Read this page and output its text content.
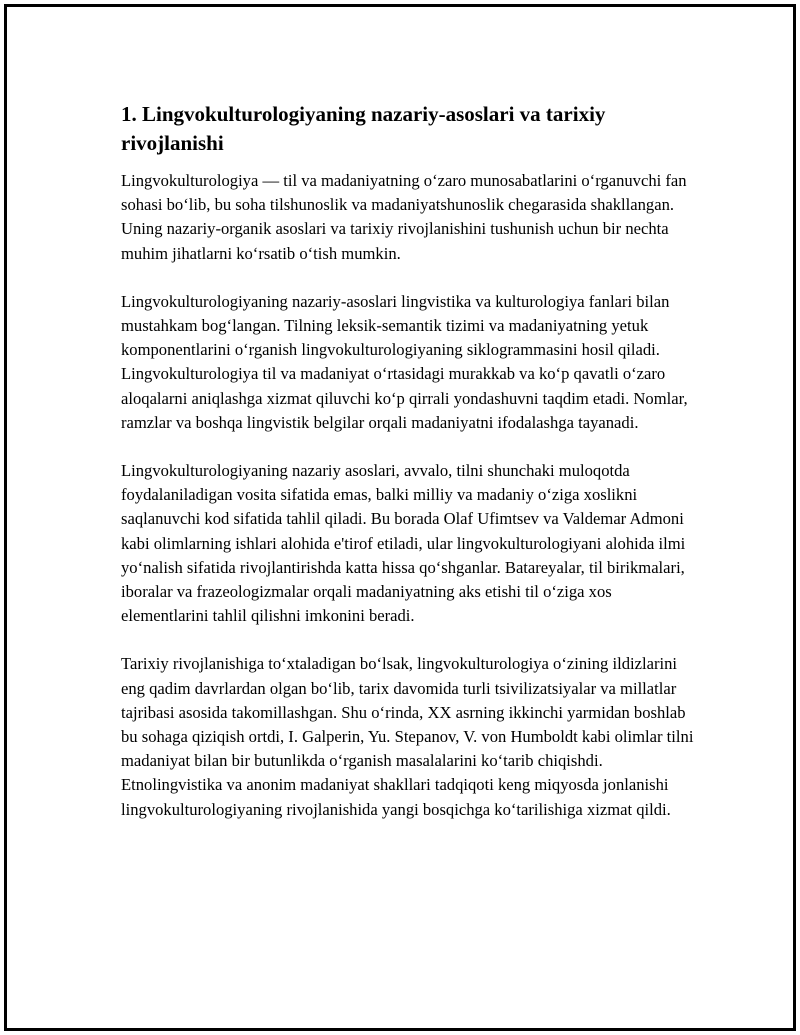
1. Lingvokulturologiyaning nazariy-asoslari va tarixiy rivojlanishi

Lingvokulturologiya — til va madaniyatning o‘zaro munosabatlarini o‘rganuvchi fan sohasi bo‘lib, bu soha tilshunoslik va madaniyatshunoslik chegarasida shakllangan. Uning nazariy-organik asoslari va tarixiy rivojlanishini tushunish uchun bir nechta muhim jihatlarni ko‘rsatib o‘tish mumkin.

Lingvokulturologiyaning nazariy-asoslari lingvistika va kulturologiya fanlari bilan mustahkam bog‘langan. Tilning leksik-semantik tizimi va madaniyatning yetuk komponentlarini o‘rganish lingvokulturologiyaning siklogrammasini hosil qiladi. Lingvokulturologiya til va madaniyat o‘rtasidagi murakkab va ko‘p qavatli o‘zaro aloqalarni aniqlashga xizmat qiluvchi ko‘p qirrali yondashuvni taqdim etadi. Nomlar, ramzlar va boshqa lingvistik belgilar orqali madaniyatni ifodalashga tayanadi.

Lingvokulturologiyaning nazariy asoslari, avvalo, tilni shunchaki muloqotda foydalaniladigan vosita sifatida emas, balki milliy va madaniy o‘ziga xoslikni saqlanuvchi kod sifatida tahlil qiladi. Bu borada Olaf Ufimtsev va Valdemar Admoni kabi olimlarning ishlari alohida e'tirof etiladi, ular lingvokulturologiyani alohida ilmi yo‘nalish sifatida rivojlantirishda katta hissa qo‘shganlar. Batareyalar, til birikmalari, iboralar va frazeologizmalar orqali madaniyatning aks etishi til o‘ziga xos elementlarini tahlil qilishni imkonini beradi.

Tarixiy rivojlanishiga to‘xtaladigan bo‘lsak, lingvokulturologiya o‘zining ildizlarini eng qadim davrlardan olgan bo‘lib, tarix davomida turli tsivilizatsiyalar va millatlar tajribasi asosida takomillashgan. Shu o‘rinda, XX asrning ikkinchi yarmidan boshlab bu sohaga qiziqish ortdi, I. Galperin, Yu. Stepanov, V. von Humboldt kabi olimlar tilni madaniyat bilan bir butunlikda o‘rganish masalalarini ko‘tarib chiqishdi. Etnolingvistika va anonim madaniyat shakllari tadqiqoti keng miqyosda jonlanishi lingvokulturologiyaning rivojlanishida yangi bosqichga ko‘tarilishiga xizmat qildi.
